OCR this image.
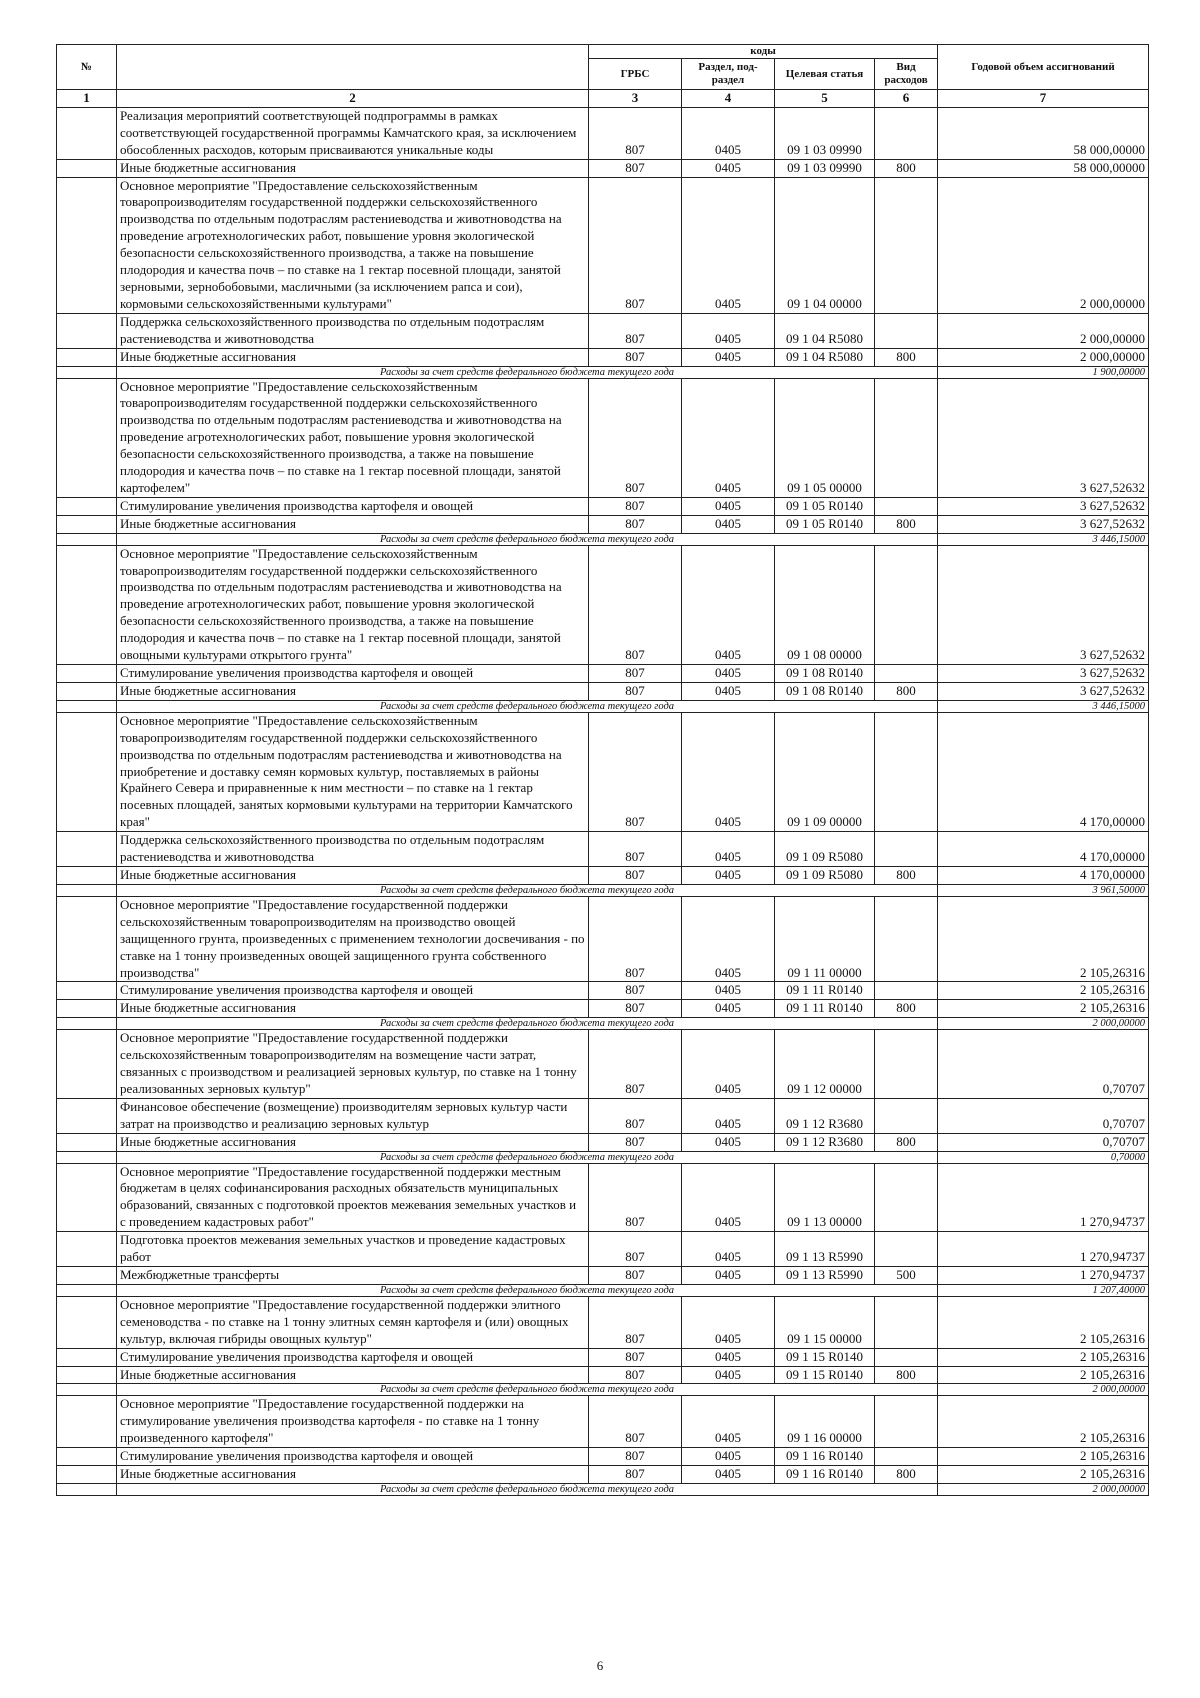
№		коды				Годовой объем ассигнований
		ГРБС	Раздел, под-раздел	Целевая статья	Вид расходов	
1	2	3	4	5	6	7
	Реализация мероприятий соответствующей подпрограммы в рамках соответствующей государственной программы Камчатского края, за исключением обособленных расходов, которым присваиваются уникальные коды	807	0405	09 1 03 09990		58 000,00000
	Иные бюджетные ассигнования	807	0405	09 1 03 09990	800	58 000,00000
	Основное мероприятие "Предоставление сельскохозяйственным товаропроизводителям государственной поддержки сельскохозяйственного производства по отдельным подотраслям растениеводства и животноводства на проведение агротехнологических работ, повышение уровня экологической безопасности сельскохозяйственного производства, а также на повышение плодородия и качества почв – по ставке на 1 гектар посевной площади, занятой зерновыми, зернобобовыми, масличными (за исключением рапса и сои), кормовыми сельскохозяйственными культурами"	807	0405	09 1 04 00000		2 000,00000
	Поддержка сельскохозяйственного производства по отдельным подотраслям растениеводства и животноводства	807	0405	09 1 04 R5080		2 000,00000
	Иные бюджетные ассигнования	807	0405	09 1 04 R5080	800	2 000,00000
	Расходы за счет средств федерального бюджета текущего года					1 900,00000
	Основное мероприятие "Предоставление сельскохозяйственным товаропроизводителям государственной поддержки сельскохозяйственного производства по отдельным подотраслям растениеводства и животноводства на проведение агротехнологических работ, повышение уровня экологической безопасности сельскохозяйственного производства, а также на повышение плодородия и качества почв – по ставке на 1 гектар посевной площади, занятой картофелем"	807	0405	09 1 05 00000		3 627,52632
	Стимулирование увеличения производства картофеля и овощей	807	0405	09 1 05 R0140		3 627,52632
	Иные бюджетные ассигнования	807	0405	09 1 05 R0140	800	3 627,52632
	Расходы за счет средств федерального бюджета текущего года					3 446,15000
	Основное мероприятие "Предоставление сельскохозяйственным товаропроизводителям государственной поддержки сельскохозяйственного производства по отдельным подотраслям растениеводства и животноводства на проведение агротехнологических работ, повышение уровня экологической безопасности сельскохозяйственного производства, а также на повышение плодородия и качества почв – по ставке на 1 гектар посевной площади, занятой овощными культурами открытого грунта"	807	0405	09 1 08 00000		3 627,52632
	Стимулирование увеличения производства картофеля и овощей	807	0405	09 1 08 R0140		3 627,52632
	Иные бюджетные ассигнования	807	0405	09 1 08 R0140	800	3 627,52632
	Расходы за счет средств федерального бюджета текущего года					3 446,15000
	Основное мероприятие "Предоставление сельскохозяйственным товаропроизводителям государственной поддержки сельскохозяйственного производства по отдельным подотраслям растениеводства и животноводства на приобретение и доставку семян кормовых культур, поставляемых в районы Крайнего Севера и приравненные к ним местности – по ставке на 1 гектар посевных площадей, занятых кормовыми культурами на территории Камчатского края"	807	0405	09 1 09 00000		4 170,00000
	Поддержка сельскохозяйственного производства по отдельным подотраслям растениеводства и животноводства	807	0405	09 1 09 R5080		4 170,00000
	Иные бюджетные ассигнования	807	0405	09 1 09 R5080	800	4 170,00000
	Расходы за счет средств федерального бюджета текущего года					3 961,50000
	Основное мероприятие "Предоставление государственной поддержки сельскохозяйственным товаропроизводителям на производство овощей защищенного грунта, произведенных с применением технологии досвечивания - по ставке на 1 тонну произведенных овощей защищенного грунта собственного производства"	807	0405	09 1 11 00000		2 105,26316
	Стимулирование увеличения производства картофеля и овощей	807	0405	09 1 11 R0140		2 105,26316
	Иные бюджетные ассигнования	807	0405	09 1 11 R0140	800	2 105,26316
	Расходы за счет средств федерального бюджета текущего года					2 000,00000
	Основное мероприятие "Предоставление государственной поддержки сельскохозяйственным товаропроизводителям на возмещение части затрат, связанных с производством и реализацией зерновых культур, по ставке на 1 тонну реализованных зерновых культур"	807	0405	09 1 12 00000		0,70707
	Финансовое обеспечение (возмещение) производителям зерновых культур части затрат на производство и реализацию зерновых культур	807	0405	09 1 12 R3680		0,70707
	Иные бюджетные ассигнования	807	0405	09 1 12 R3680	800	0,70707
	Расходы за счет средств федерального бюджета текущего года					0,70000
	Основное мероприятие "Предоставление государственной поддержки местным бюджетам в целях софинансирования расходных обязательств муниципальных образований, связанных с подготовкой проектов межевания земельных участков и с проведением кадастровых работ"	807	0405	09 1 13 00000		1 270,94737
	Подготовка проектов межевания земельных участков и проведение кадастровых работ	807	0405	09 1 13 R5990		1 270,94737
	Межбюджетные трансферты	807	0405	09 1 13 R5990	500	1 270,94737
	Расходы за счет средств федерального бюджета текущего года					1 207,40000
	Основное мероприятие "Предоставление государственной поддержки элитного семеноводства - по ставке на 1 тонну элитных семян картофеля и (или) овощных культур, включая гибриды овощных культур"	807	0405	09 1 15 00000		2 105,26316
	Стимулирование увеличения производства картофеля и овощей	807	0405	09 1 15 R0140		2 105,26316
	Иные бюджетные ассигнования	807	0405	09 1 15 R0140	800	2 105,26316
	Расходы за счет средств федерального бюджета текущего года					2 000,00000
	Основное мероприятие "Предоставление государственной поддержки на стимулирование увеличения производства картофеля - по ставке на 1 тонну произведенного картофеля"	807	0405	09 1 16 00000		2 105,26316
	Стимулирование увеличения производства картофеля и овощей	807	0405	09 1 16 R0140		2 105,26316
	Иные бюджетные ассигнования	807	0405	09 1 16 R0140	800	2 105,26316
	Расходы за счет средств федерального бюджета текущего года					2 000,00000
6
